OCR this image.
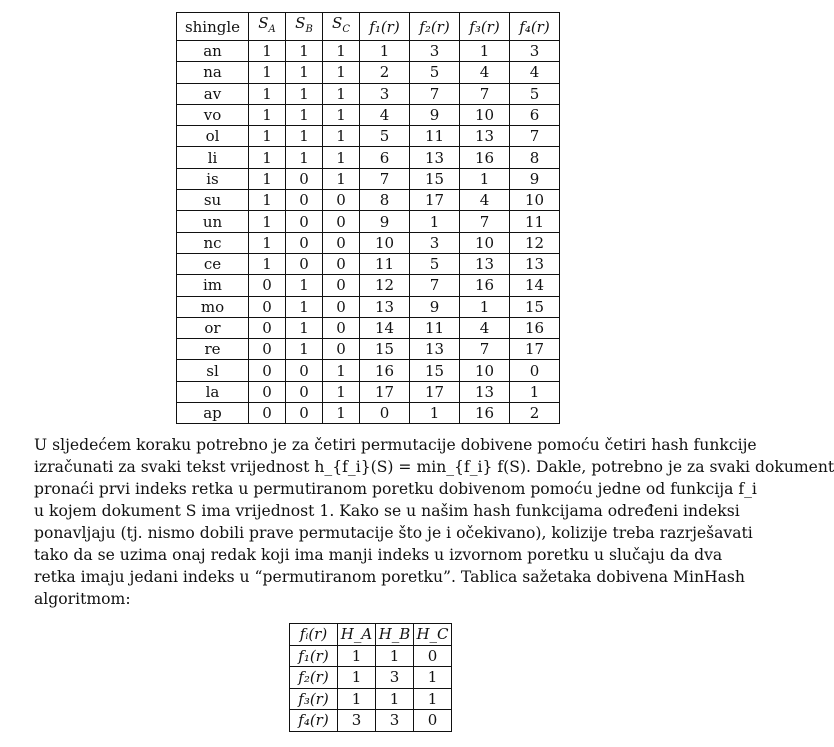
shingle	$S_A$	$S_B$	$S_C$	f₁(r)	f₂(r)	f₃(r)	f₄(r)
an	1	1	1	1	3	1	3
na	1	1	1	2	5	4	4
av	1	1	1	3	7	7	5
vo	1	1	1	4	9	10	6
ol	1	1	1	5	11	13	7
li	1	1	1	6	13	16	8
is	1	0	1	7	15	1	9
su	1	0	0	8	17	4	10
un	1	0	0	9	1	7	11
nc	1	0	0	10	3	10	12
ce	1	0	0	11	5	13	13
im	0	1	0	12	7	16	14
mo	0	1	0	13	9	1	15
or	0	1	0	14	11	4	16
re	0	1	0	15	13	7	17
sl	0	0	1	16	15	10	0
la	0	0	1	17	17	13	1
ap	0	0	1	0	1	16	2
U sljedećem koraku potrebno je za četiri permutacije dobivene pomoću četiri hash funkcije
izračunati za svaki tekst vrijednost h_{f_i}(S) = min_{f_i} f(S). Dakle, potrebno je za svaki dokument
pronaći prvi indeks retka u permutiranom poretku dobivenom pomoću jedne od funkcija f_i
u kojem dokument S ima vrijednost 1. Kako se u našim hash funkcijama određeni indeksi
ponavljaju (tj. nismo dobili prave permutacije što je i očekivano), kolizije treba razrješavati
tako da se uzima onaj redak koji ima manji indeks u izvornom poretku u slučaju da dva
retka imaju jedani indeks u “permutiranom poretku”. Tablica sažetaka dobivena MinHash
algoritmom:
fᵢ(r)	H_A	H_B	H_C
f₁(r)	1	1	0
f₂(r)	1	3	1
f₃(r)	1	1	1
f₄(r)	3	3	0
